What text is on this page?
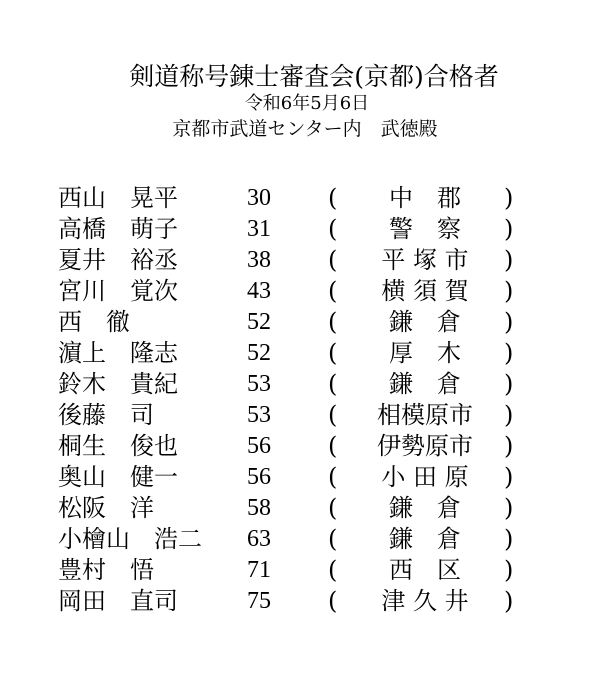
剣道称号錬士審査会(京都)合格者
令和6年5月6日
京都市武道センター内　武徳殿
西山　晃平	30 (	中　郡	)
高橋　萌子	31 (	警　察	)
夏井　裕丞	38 (	平 塚 市	)
宮川　覚次	43 (	横 須 賀	)
西　徹	52 (	鎌　倉	)
濵上　隆志	52 (	厚　木	)
鈴木　貴紀	53 (	鎌　倉	)
後藤　司	53 (	相模原市	)
桐生　俊也	56 (	伊勢原市	)
奥山　健一	56 (	小 田 原	)
松阪　洋	58 (	鎌　倉	)
小檜山　浩二 63 (	鎌　倉	)
豊村　悟	71 (	西　区	)
岡田　直司	75 (	津 久 井	)
